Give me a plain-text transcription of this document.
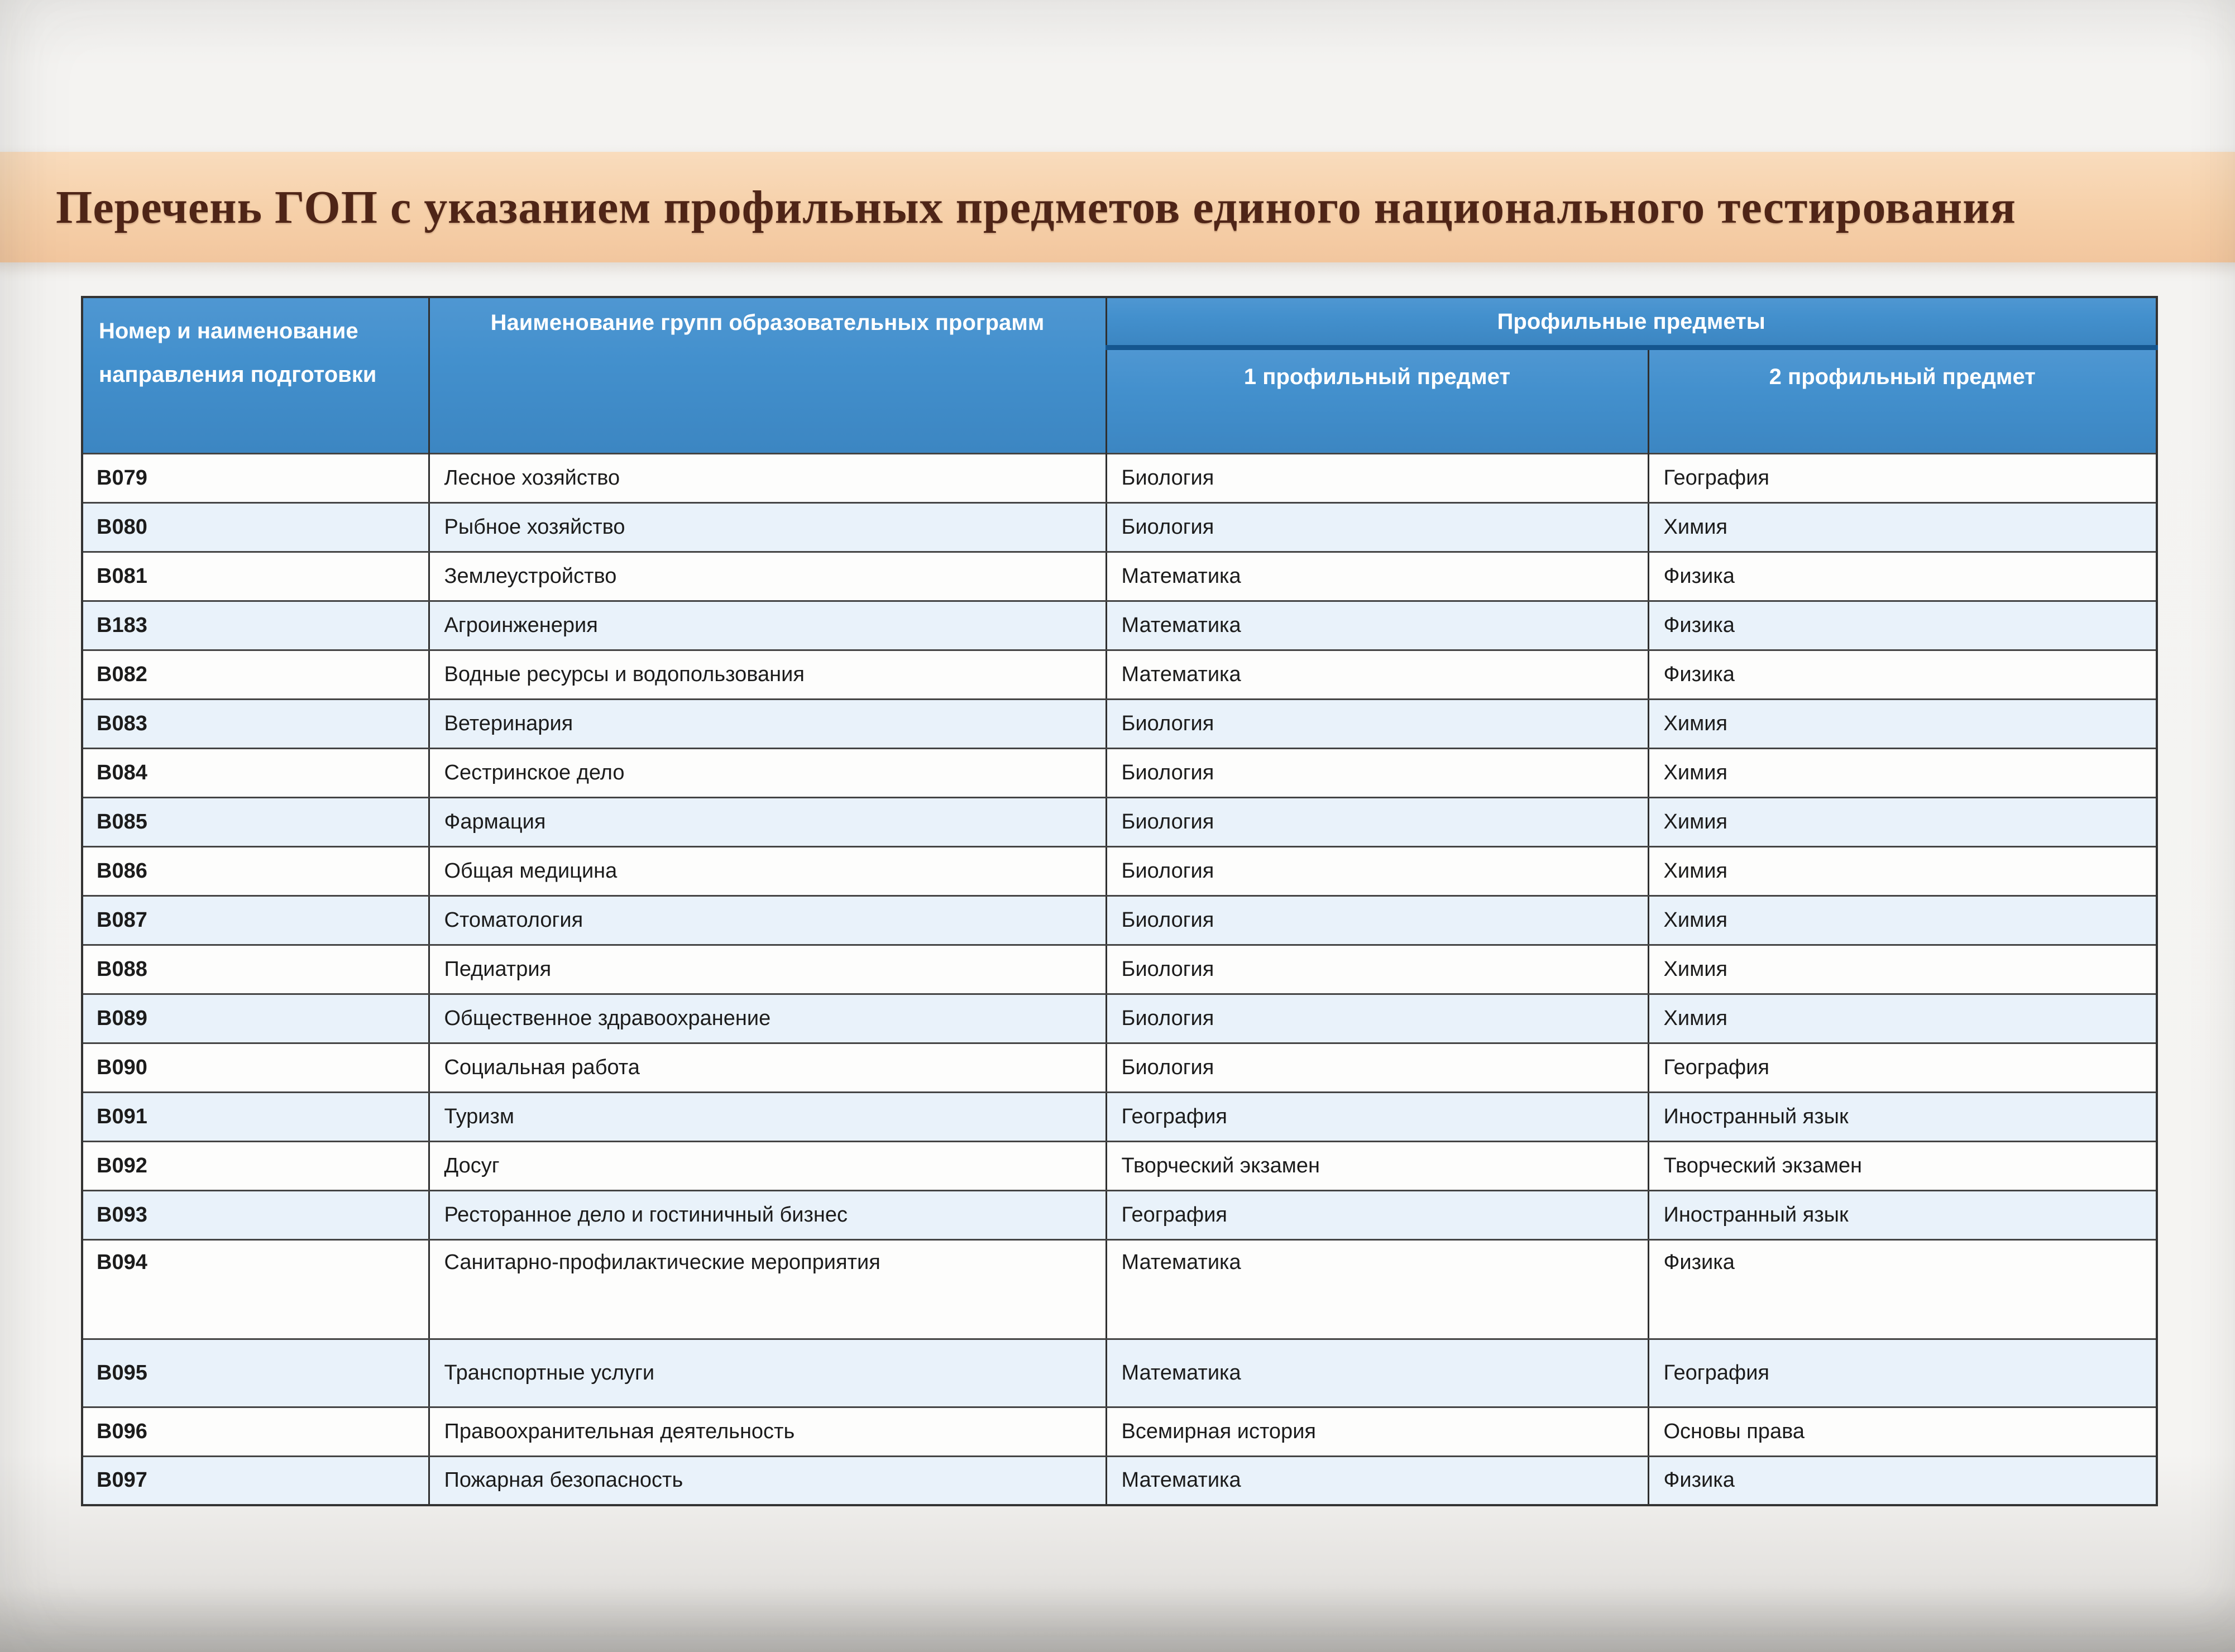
Перечень ГОП с указанием профильных предметов единого национального тестирования
Номер и наименование направления подготовки	Наименование групп образовательных программ	Профильные предметы	
		1 профильный предмет	2 профильный предмет
B079	Лесное хозяйство	Биология	География
B080	Рыбное хозяйство	Биология	Химия
B081	Землеустройство	Математика	Физика
B183	Агроинженерия	Математика	Физика
B082	Водные ресурсы и водопользования	Математика	Физика
B083	Ветеринария	Биология	Химия
B084	Сестринское дело	Биология	Химия
B085	Фармация	Биология	Химия
B086	Общая медицина	Биология	Химия
B087	Стоматология	Биология	Химия
B088	Педиатрия	Биология	Химия
B089	Общественное здравоохранение	Биология	Химия
B090	Социальная работа	Биология	География
B091	Туризм	География	Иностранный язык
B092	Досуг	Творческий экзамен	Творческий экзамен
B093	Ресторанное дело и гостиничный бизнес	География	Иностранный язык
B094	Санитарно-профилактические мероприятия	Математика	Физика
B095	Транспортные услуги	Математика	География
B096	Правоохранительная деятельность	Всемирная история	Основы права
B097	Пожарная безопасность	Математика	Физика
